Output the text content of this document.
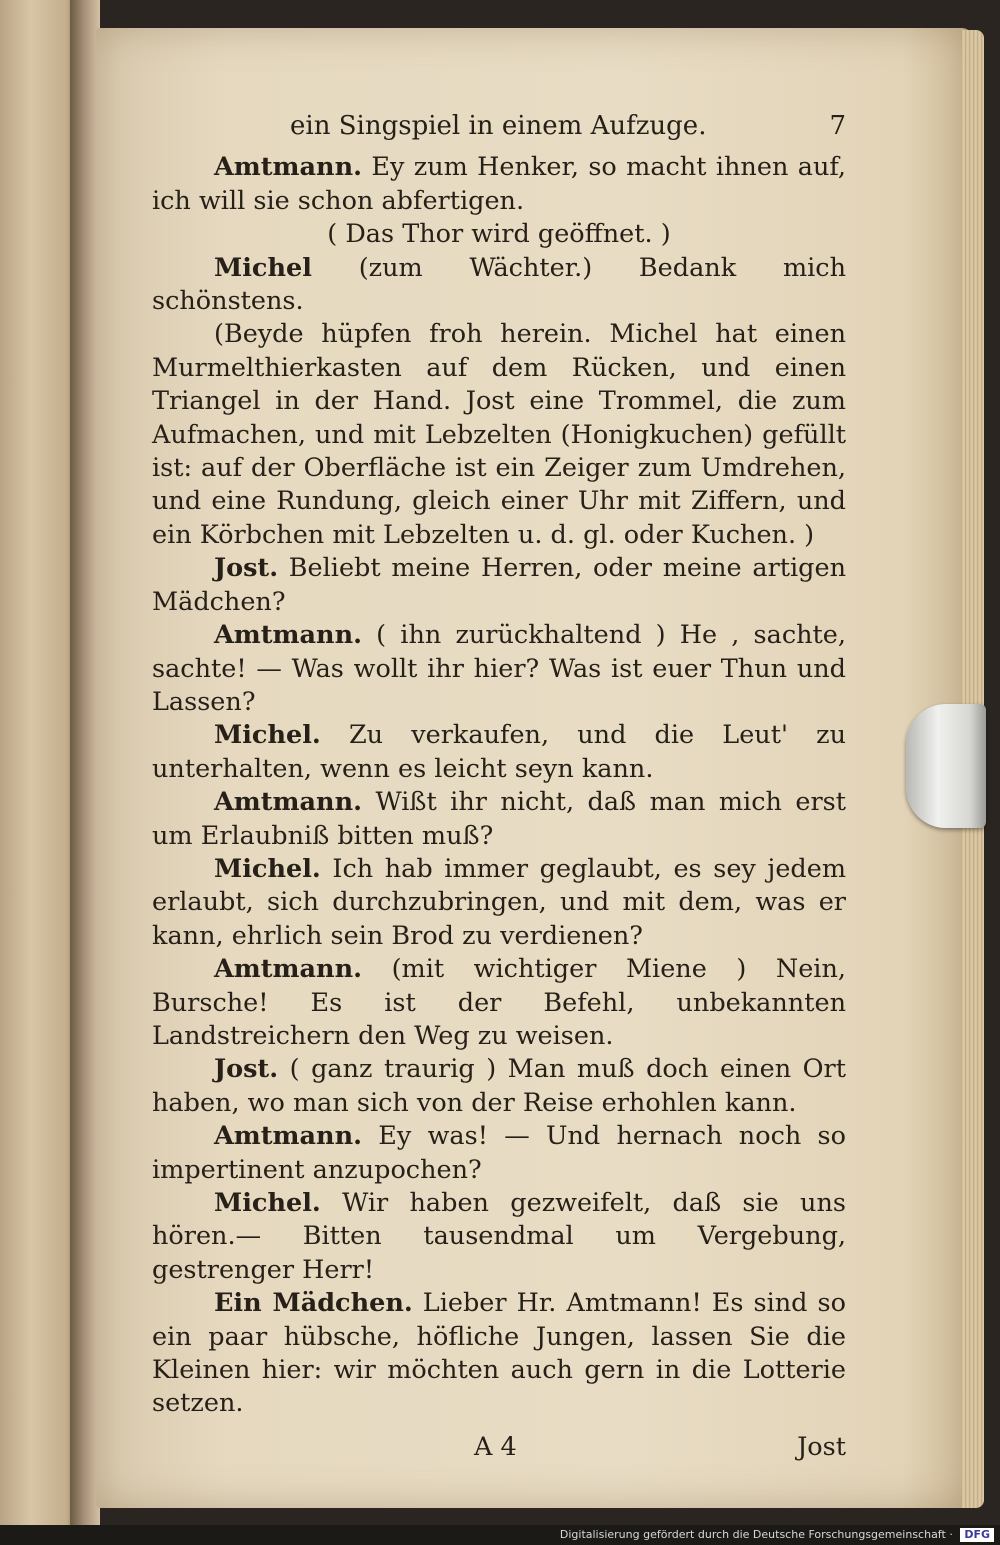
ein Singspiel in einem Aufzuge.	7

Amtmann. Ey zum Henker, so macht ihnen auf, ich will sie schon abfertigen.

( Das Thor wird geöffnet. )

Michel (zum Wächter.) Bedank mich schönstens.

(Beyde hüpfen froh herein. Michel hat einen Murmelthierkasten auf dem Rücken, und einen Triangel in der Hand. Jost eine Trommel, die zum Aufmachen, und mit Lebzelten (Honigkuchen) gefüllt ist: auf der Oberfläche ist ein Zeiger zum Umdrehen, und eine Rundung, gleich einer Uhr mit Ziffern, und ein Körbchen mit Lebzelten u. d. gl. oder Kuchen. )

Jost. Beliebt meine Herren, oder meine artigen Mädchen?

Amtmann. ( ihn zurückhaltend ) He , sachte, sachte! — Was wollt ihr hier? Was ist euer Thun und Lassen?

Michel. Zu verkaufen, und die Leut' zu unterhalten, wenn es leicht seyn kann.

Amtmann. Wißt ihr nicht, daß man mich erst um Erlaubniß bitten muß?

Michel. Ich hab immer geglaubt, es sey jedem erlaubt, sich durchzubringen, und mit dem, was er kann, ehrlich sein Brod zu verdienen?

Amtmann. (mit wichtiger Miene ) Nein, Bursche! Es ist der Befehl, unbekannten Landstreichern den Weg zu weisen.

Jost. ( ganz traurig ) Man muß doch einen Ort haben, wo man sich von der Reise erhohlen kann.

Amtmann. Ey was! — Und hernach noch so impertinent anzupochen?

Michel. Wir haben gezweifelt, daß sie uns hören.— Bitten tausendmal um Vergebung, gestrenger Herr!

Ein Mädchen. Lieber Hr. Amtmann! Es sind so ein paar hübsche, höfliche Jungen, lassen Sie die Kleinen hier: wir möchten auch gern in die Lotterie setzen.

A 4	Jost
Digitalisierung gefördert durch die Deutsche Forschungsgemeinschaft · DFG
